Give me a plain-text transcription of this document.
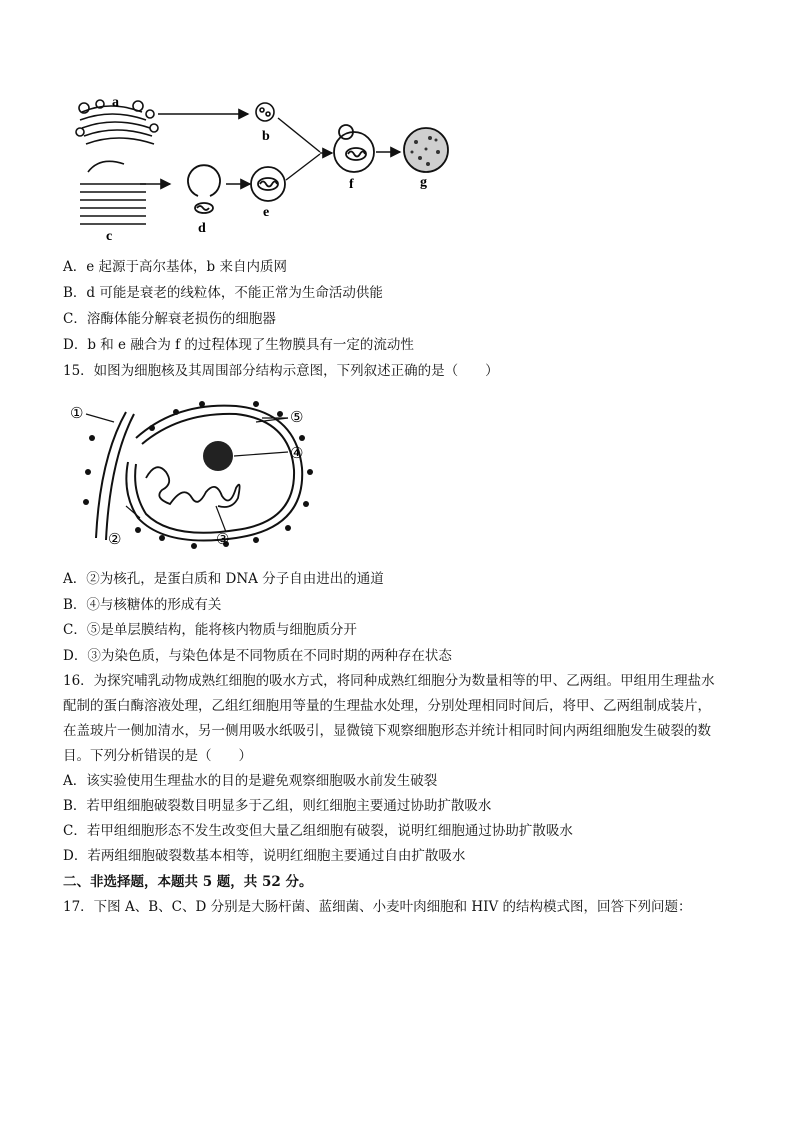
a
b
c
d
e
f	g
A．e 起源于高尔基体，b 来自内质网
B．d 可能是衰老的线粒体，不能正常为生命活动供能
C．溶酶体能分解衰老损伤的细胞器
D．b 和 e 融合为 f 的过程体现了生物膜具有一定的流动性
15．如图为细胞核及其周围部分结构示意图，下列叙述正确的是（　　）
①	⑤
④
②	③
A．②为核孔，是蛋白质和 DNA 分子自由进出的通道
B．④与核糖体的形成有关
C．⑤是单层膜结构，能将核内物质与细胞质分开
D．③为染色质，与染色体是不同物质在不同时期的两种存在状态
16．为探究哺乳动物成熟红细胞的吸水方式，将同种成熟红细胞分为数量相等的甲、乙两组。甲组用生理盐水
配制的蛋白酶溶液处理，乙组红细胞用等量的生理盐水处理，分别处理相同时间后，将甲、乙两组制成装片，
在盖玻片一侧加清水，另一侧用吸水纸吸引，显微镜下观察细胞形态并统计相同时间内两组细胞发生破裂的数
目。下列分析错误的是（　　）
A．该实验使用生理盐水的目的是避免观察细胞吸水前发生破裂
B．若甲组细胞破裂数目明显多于乙组，则红细胞主要通过协助扩散吸水
C．若甲组细胞形态不发生改变但大量乙组细胞有破裂，说明红细胞通过协助扩散吸水
D．若两组细胞破裂数基本相等，说明红细胞主要通过自由扩散吸水
二、非选择题，本题共 5 题，共 52 分。
17．下图 A、B、C、D 分别是大肠杆菌、蓝细菌、小麦叶肉细胞和 HIV 的结构模式图，回答下列问题：
